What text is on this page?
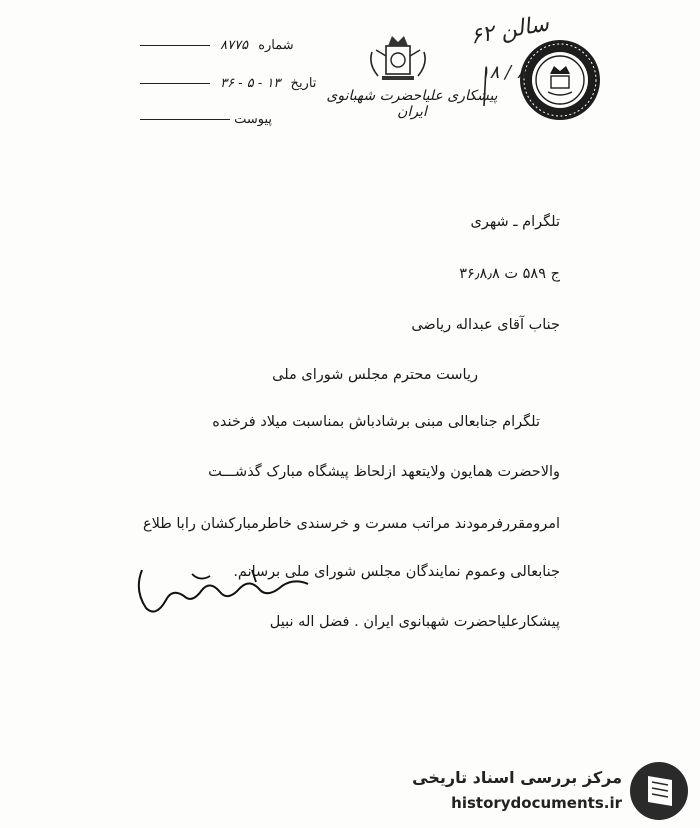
شماره ۸۷۷۵
تاریخ ۱۳ - ۵ - ۳۶
پیوست
پیشکاری علیاحضرت شهبانوی ایران
سالن ۶۲
۱۸ / ۸
تلگرام ـ شهری
ج ۵۸۹ ت ۳۶٫۸٫۸
جناب آقای عبداله ریاضی
ریاست محترم مجلس شورای ملی
تلگرام جنابعالی مبنی برشادباش بمناسبت میلاد فرخنده
والاحضرت همایون ولایتعهد ازلحاظ پیشگاه مبارک گذشـــت
امرومقررفرمودند مراتب مسرت و خرسندی خاطرمبارکشان رابا طلاع
جنابعالی وعموم نمایندگان مجلس شورای ملی برسانم.
پیشکارعلیاحضرت شهبانوی ایران . فضل اله نبیل
مرکز بررسی اسناد تاریخی
historydocuments.ir
